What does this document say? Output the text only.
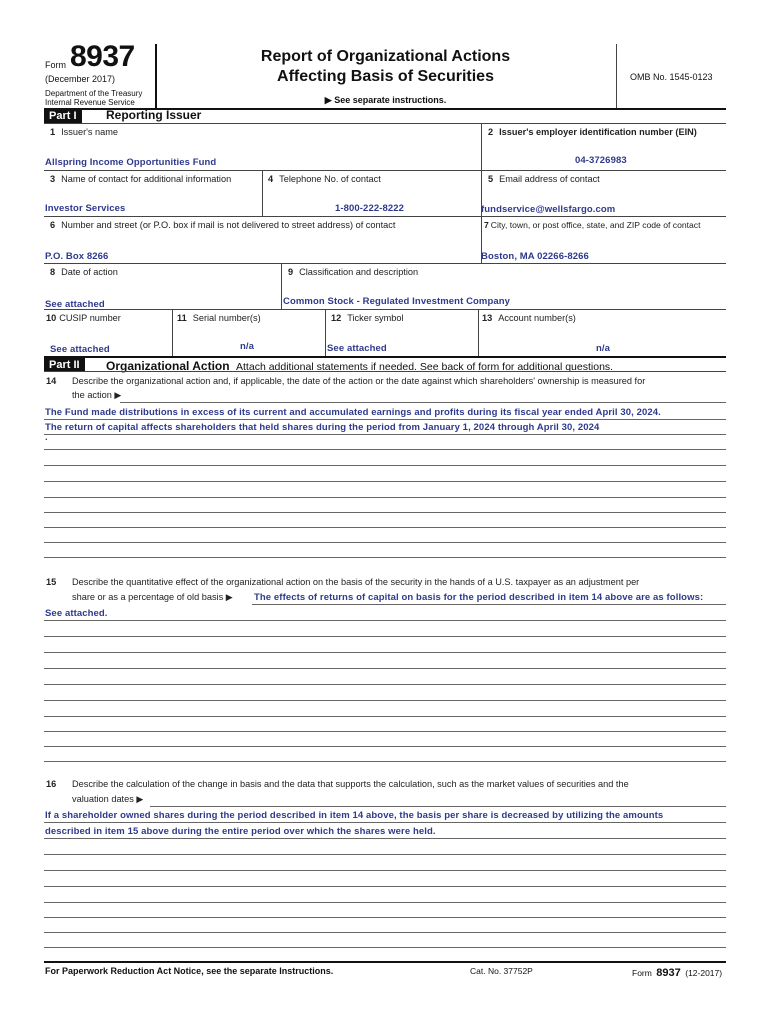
Form 8937
(December 2017)
Department of the Treasury
Internal Revenue Service
Report of Organizational Actions
Affecting Basis of Securities
▶ See separate instructions.
OMB No. 1545-0123
Part I	Reporting Issuer
1 Issuer's name
Allspring Income Opportunities Fund
2 Issuer's employer identification number (EIN)
04-3726983
3 Name of contact for additional information
Investor Services
4 Telephone No. of contact
1-800-222-8222
5 Email address of contact
fundservice@wellsfargo.com
6 Number and street (or P.O. box if mail is not delivered to street address) of contact
P.O. Box 8266
7 City, town, or post office, state, and ZIP code of contact
Boston, MA 02266-8266
8 Date of action
See attached
9 Classification and description
Common Stock - Regulated Investment Company
10 CUSIP number
See attached
11 Serial number(s)
n/a
12 Ticker symbol
See attached
13 Account number(s)
n/a
Part II	Organizational Action Attach additional statements if needed. See back of form for additional questions.
14 Describe the organizational action and, if applicable, the date of the action or the date against which shareholders' ownership is measured for
the action ▶
The Fund made distributions in excess of its current and accumulated earnings and profits during its fiscal year ended April 30, 2024.
The return of capital affects shareholders that held shares during the period from January 1, 2024 through April 30, 2024
.
15 Describe the quantitative effect of the organizational action on the basis of the security in the hands of a U.S. taxpayer as an adjustment per
share or as a percentage of old basis ▶ The effects of returns of capital on basis for the period described in item 14 above are as follows:
See attached.
16 Describe the calculation of the change in basis and the data that supports the calculation, such as the market values of securities and the
valuation dates ▶
If a shareholder owned shares during the period described in item 14 above, the basis per share is decreased by utilizing the amounts
described in item 15 above during the entire period over which the shares were held.
For Paperwork Reduction Act Notice, see the separate Instructions.	Cat. No. 37752P	Form 8937 (12-2017)
